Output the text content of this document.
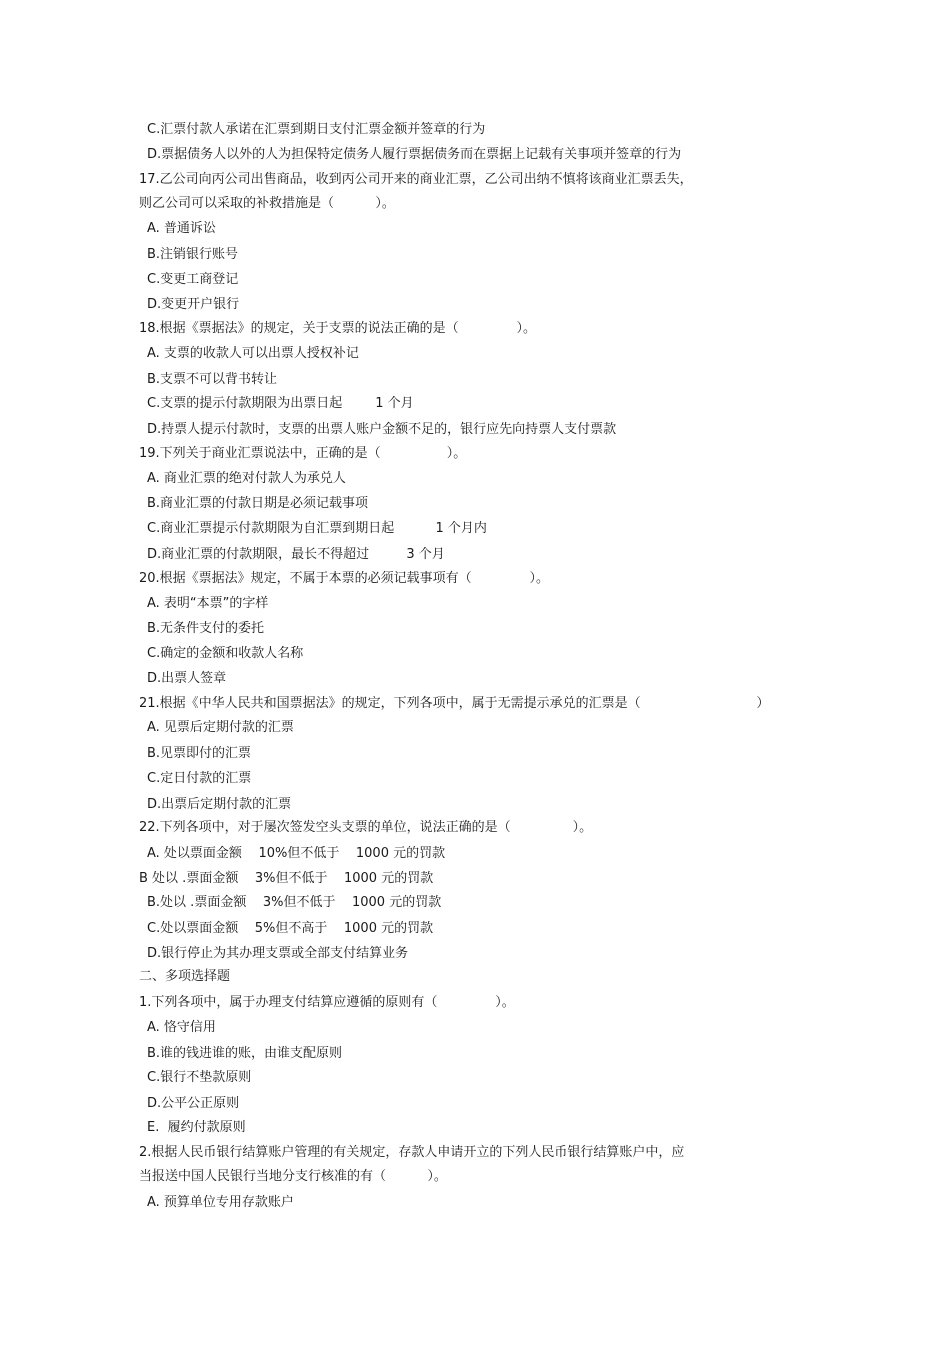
C.汇票付款人承诺在汇票到期日支付汇票金额并签章的行为
D.票据债务人以外的人为担保特定债务人履行票据债务而在票据上记载有关事项并签章的行为
17.乙公司向丙公司出售商品，收到丙公司开来的商业汇票，乙公司出纳不慎将该商业汇票丢失，
则乙公司可以采取的补救措施是（          ）。
A. 普通诉讼
B.注销银行账号
C.变更工商登记
D.变更开户银行
18.根据《票据法》的规定，关于支票的说法正确的是（              ）。
A. 支票的收款人可以出票人授权补记
B.支票不可以背书转让
C.支票的提示付款期限为出票日起        1 个月
D.持票人提示付款时，支票的出票人账户金额不足的，银行应先向持票人支付票款
19.下列关于商业汇票说法中，正确的是（                ）。
A. 商业汇票的绝对付款人为承兑人
B.商业汇票的付款日期是必须记载事项
C.商业汇票提示付款期限为自汇票到期日起          1 个月内
D.商业汇票的付款期限，最长不得超过         3 个月
20.根据《票据法》规定，不属于本票的必须记载事项有（              ）。
A. 表明“本票”的字样
B.无条件支付的委托
C.确定的金额和收款人名称
D.出票人签章
21.根据《中华人民共和国票据法》的规定，下列各项中，属于无需提示承兑的汇票是（                            ）
A. 见票后定期付款的汇票
B.见票即付的汇票
C.定日付款的汇票
D.出票后定期付款的汇票
22.下列各项中，对于屡次签发空头支票的单位，说法正确的是（               ）。
A. 处以票面金额    10%但不低于    1000 元的罚款
B 处以 .票面金额    3%但不低于    1000 元的罚款
B.处以 .票面金额    3%但不低于    1000 元的罚款
C.处以票面金额    5%但不高于    1000 元的罚款
D.银行停止为其办理支票或全部支付结算业务
二、多项选择题
1.下列各项中，属于办理支付结算应遵循的原则有（              ）。
A. 恪守信用
B.谁的钱进谁的账，由谁支配原则
C.银行不垫款原则
D.公平公正原则
E.  履约付款原则
2.根据人民币银行结算账户管理的有关规定，存款人申请开立的下列人民币银行结算账户中，应
当报送中国人民银行当地分支行核准的有（          ）。
A. 预算单位专用存款账户
